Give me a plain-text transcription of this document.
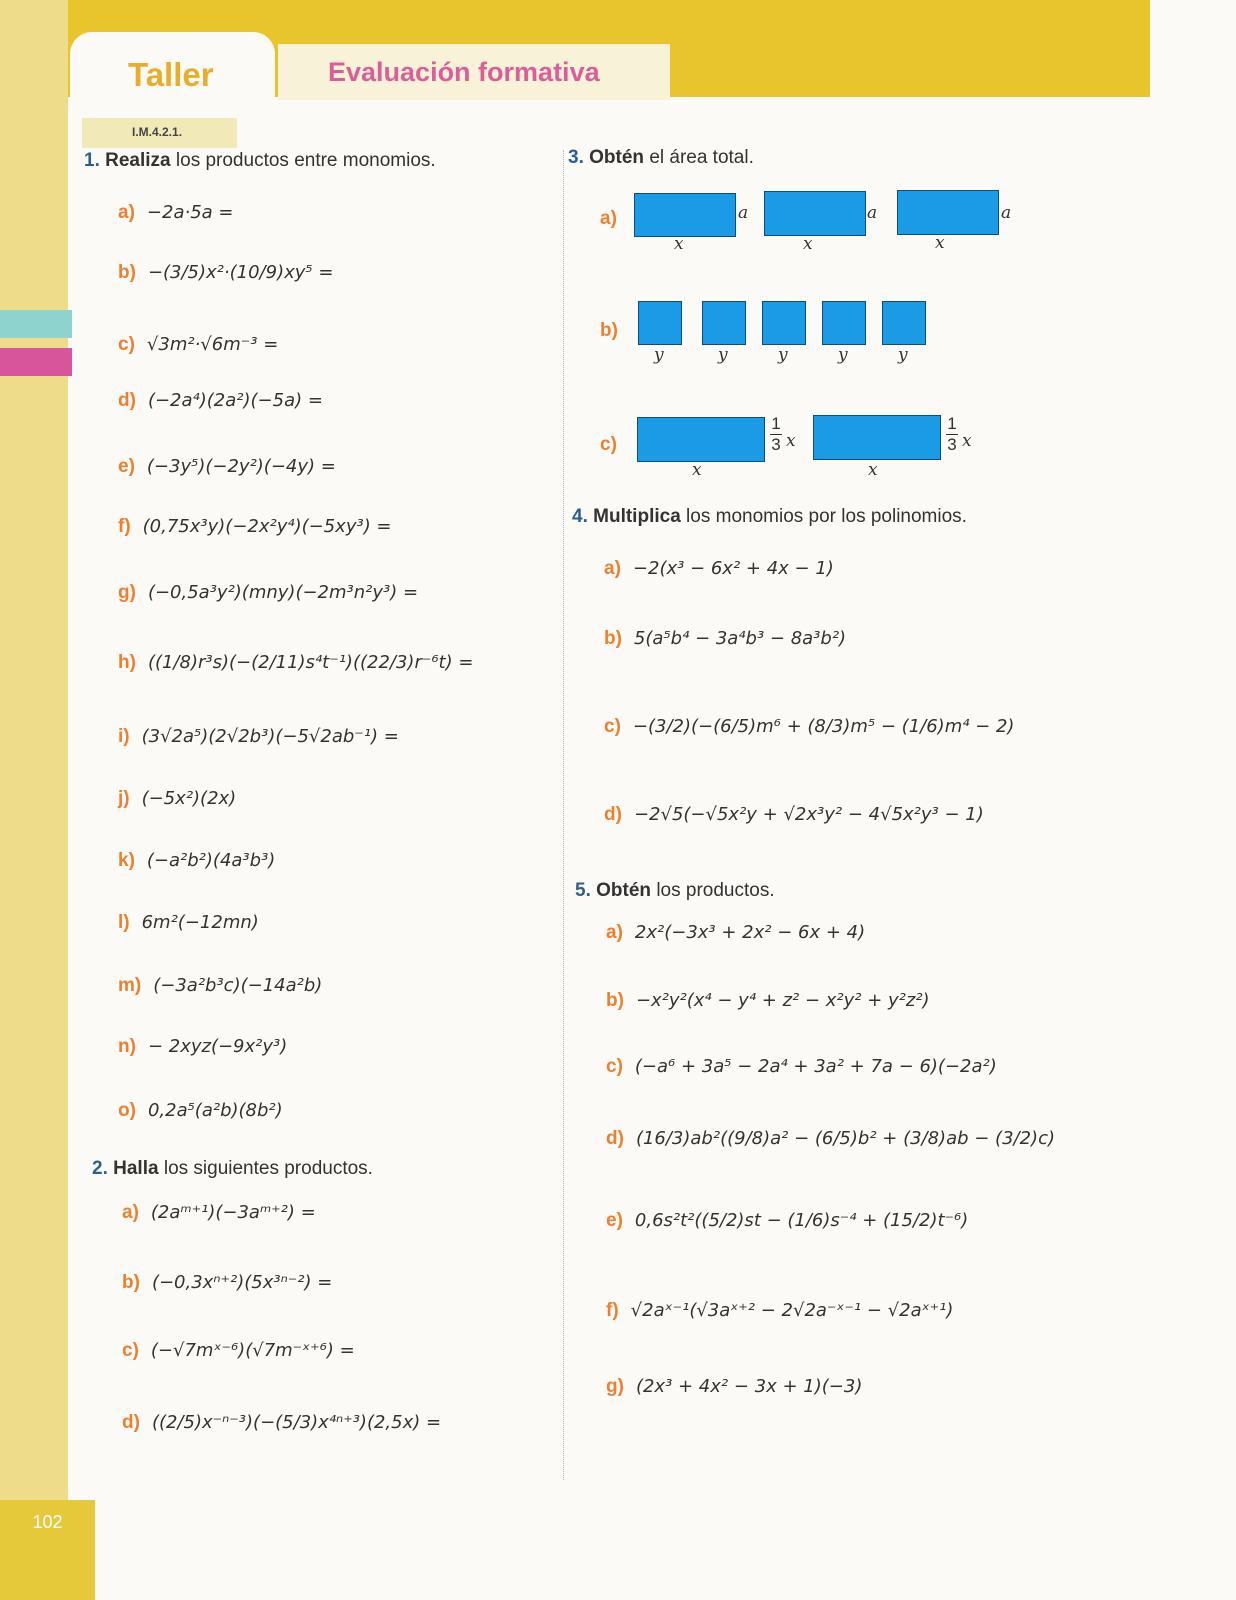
102
Taller	Evaluación formativa
I.M.4.2.1.
1. Realiza los productos entre monomios.
a) −2a·5a =
b) −(3/5)x²·(10/9)xy⁵ =
c) √3m²·√6m⁻³ =
d) (−2a⁴)(2a²)(−5a) =
e) (−3y⁵)(−2y²)(−4y) =
f) (0,75x³y)(−2x²y⁴)(−5xy³) =
g) (−0,5a³y²)(mny)(−2m³n²y³) =
h) ((1/8)r³s)(−(2/11)s⁴t⁻¹)((22/3)r⁻⁶t) =
i) (3√2a⁵)(2√2b³)(−5√2ab⁻¹) =
j) (−5x²)(2x)
k) (−a²b²)(4a³b³)
l) 6m²(−12mn)
m) (−3a²b³c)(−14a²b)
n) − 2xyz(−9x²y³)
o) 0,2a⁵(a²b)(8b²)
2. Halla los siguientes productos.
a) (2aᵐ⁺¹)(−3aᵐ⁺²) =
b) (−0,3xⁿ⁺²)(5x³ⁿ⁻²) =
c) (−√7mˣ⁻⁶)(√7m⁻ˣ⁺⁶) =
d) ((2/5)x⁻ⁿ⁻³)(−(5/3)x⁴ⁿ⁺³)(2,5x) =
3. Obtén el área total.
a)	a
x
a
x
a
x
b)
y	y	y	y	y
c)
x
1
3 x
x
1
3 x
4. Multiplica los monomios por los polinomios.
a) −2(x³ − 6x² + 4x − 1)
b) 5(a⁵b⁴ − 3a⁴b³ − 8a³b²)
c) −(3/2)(−(6/5)m⁶ + (8/3)m⁵ − (1/6)m⁴ − 2)
d) −2√5(−√5x²y + √2x³y² − 4√5x²y³ − 1)
5. Obtén los productos.
a) 2x²(−3x³ + 2x² − 6x + 4)
b) −x²y²(x⁴ − y⁴ + z² − x²y² + y²z²)
c) (−a⁶ + 3a⁵ − 2a⁴ + 3a² + 7a − 6)(−2a²)
d) (16/3)ab²((9/8)a² − (6/5)b² + (3/8)ab − (3/2)c)
e) 0,6s²t²((5/2)st − (1/6)s⁻⁴ + (15/2)t⁻⁶)
f) √2aˣ⁻¹(√3aˣ⁺² − 2√2a⁻ˣ⁻¹ − √2aˣ⁺¹)
g) (2x³ + 4x² − 3x + 1)(−3)
